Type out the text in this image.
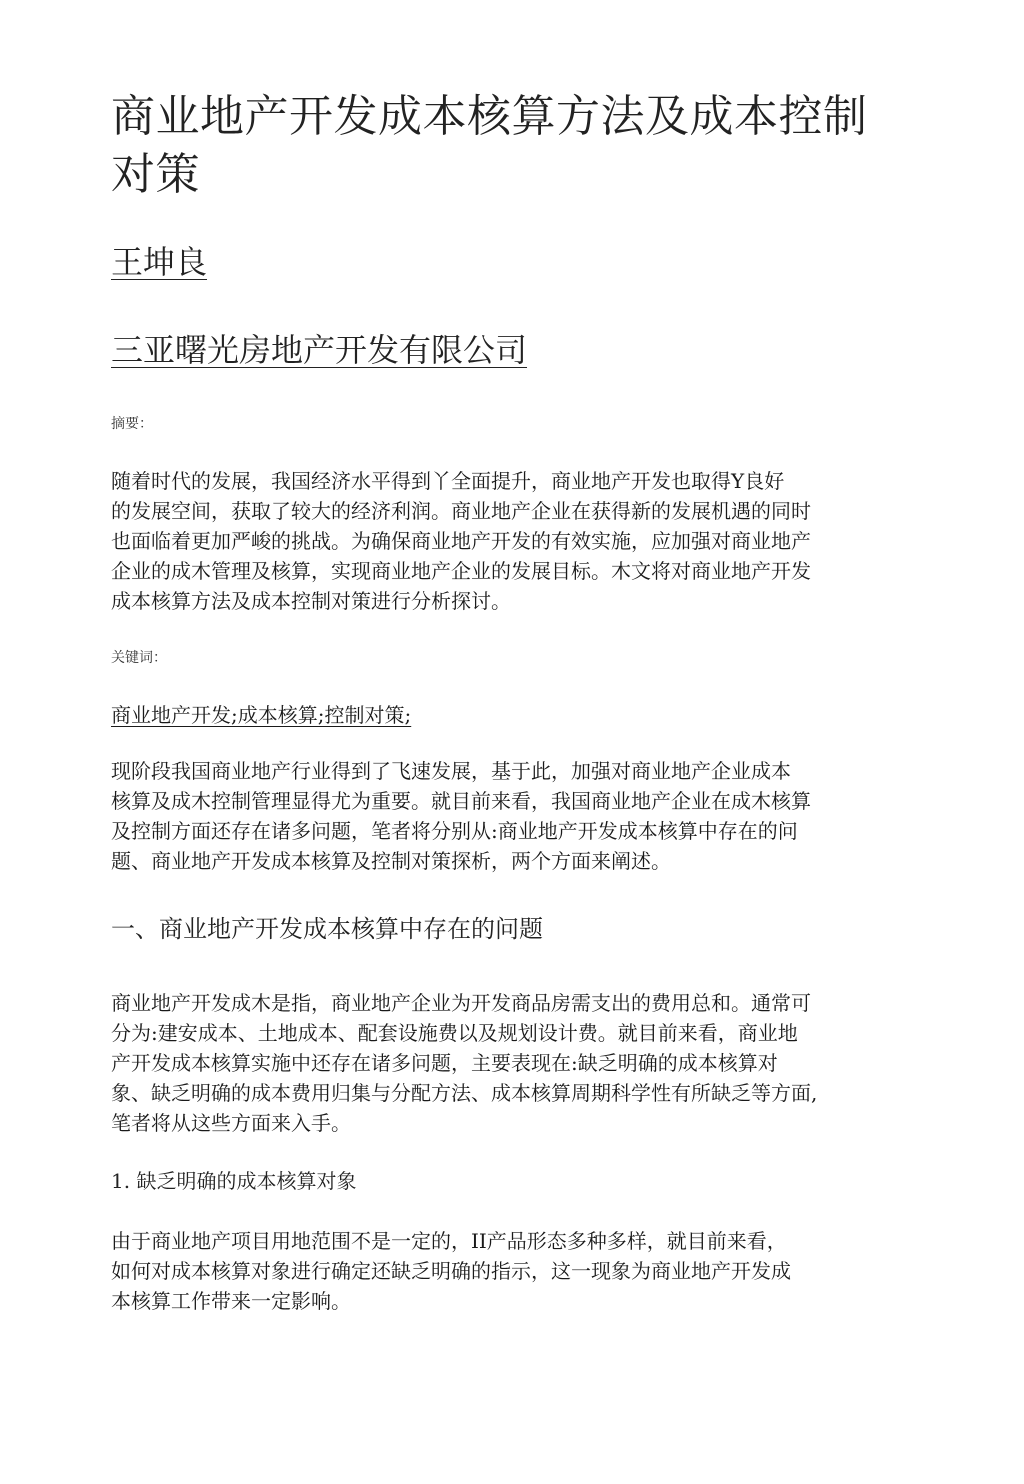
商业地产开发成本核算方法及成本控制
对策
王坤良
三亚曙光房地产开发有限公司
摘要：
随着时代的发展，我国经济水平得到丫全面提升，商业地产开发也取得Y良好
的发展空间，获取了较大的经济利润。商业地产企业在获得新的发展机遇的同时
也面临着更加严峻的挑战。为确保商业地产开发的有效实施，应加强对商业地产
企业的成木管理及核算，实现商业地产企业的发展目标。木文将对商业地产开发
成本核算方法及成本控制对策进行分析探讨。
关键词：
商业地产开发;成本核算;控制对策;
现阶段我国商业地产行业得到了飞速发展，基于此，加强对商业地产企业成本
核算及成木控制管理显得尤为重要。就目前来看，我国商业地产企业在成木核算
及控制方面还存在诸多问题，笔者将分别从:商业地产开发成本核算中存在的问
题、商业地产开发成本核算及控制对策探析，两个方面来阐述。
一、商业地产开发成本核算中存在的问题
商业地产开发成木是指，商业地产企业为开发商品房需支出的费用总和。通常可
分为:建安成本、土地成本、配套设施费以及规划设计费。就目前来看，商业地
产开发成本核算实施中还存在诸多问题，主要表现在:缺乏明确的成本核算对
象、缺乏明确的成本费用归集与分配方法、成本核算周期科学性有所缺乏等方面,
笔者将从这些方面来入手。
1. 缺乏明确的成本核算对象
由于商业地产项目用地范围不是一定的，II产品形态多种多样，就目前来看，
如何对成本核算对象进行确定还缺乏明确的指示，这一现象为商业地产开发成
本核算工作带来一定影响。
